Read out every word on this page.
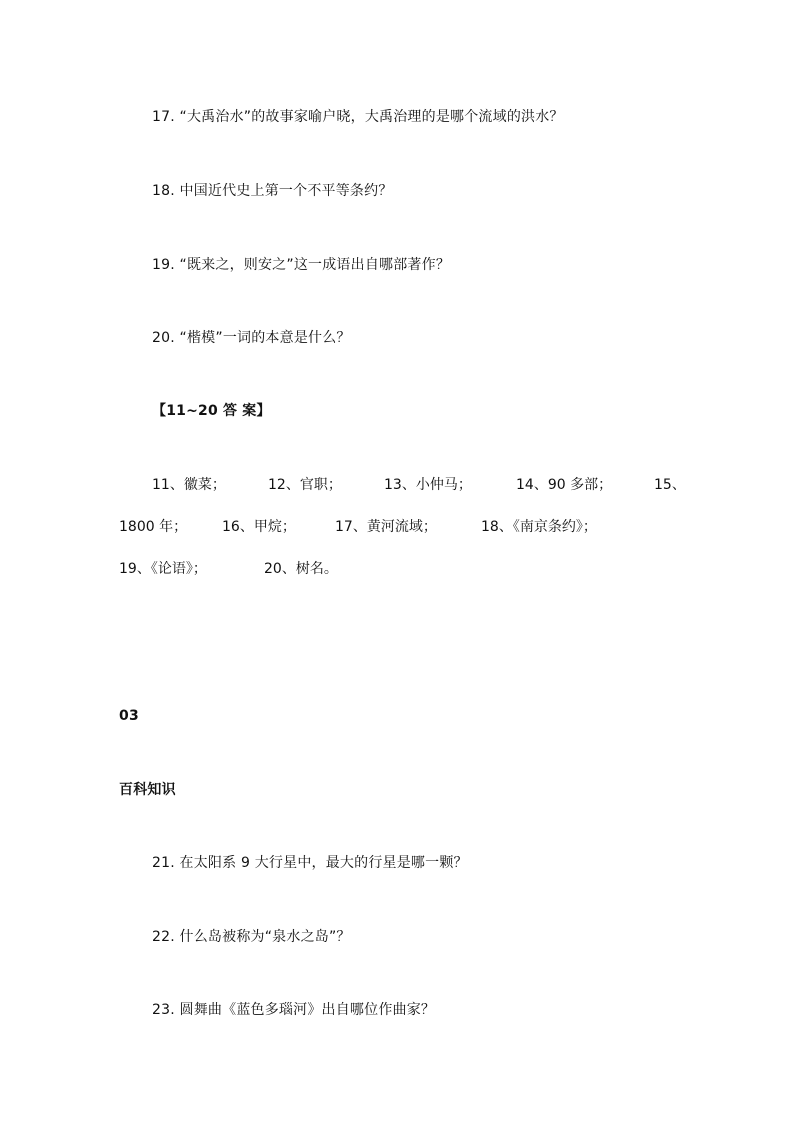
17. “大禹治水”的故事家喻户晓，大禹治理的是哪个流域的洪水？
18. 中国近代史上第一个不平等条约？
19. “既来之，则安之”这一成语出自哪部著作？
20. “楷模”一词的本意是什么？
【11~20 答 案】
11、徽菜；	12、官职；	13、小仲马；	14、90 多部；	15、
1800 年； 16、甲烷；	17、黄河流域；	18、《南京条约》；
19、《论语》；	20、树名。
03
百科知识
21. 在太阳系 9 大行星中，最大的行星是哪一颗？
22. 什么岛被称为“泉水之岛”？
23. 圆舞曲《蓝色多瑙河》出自哪位作曲家？
